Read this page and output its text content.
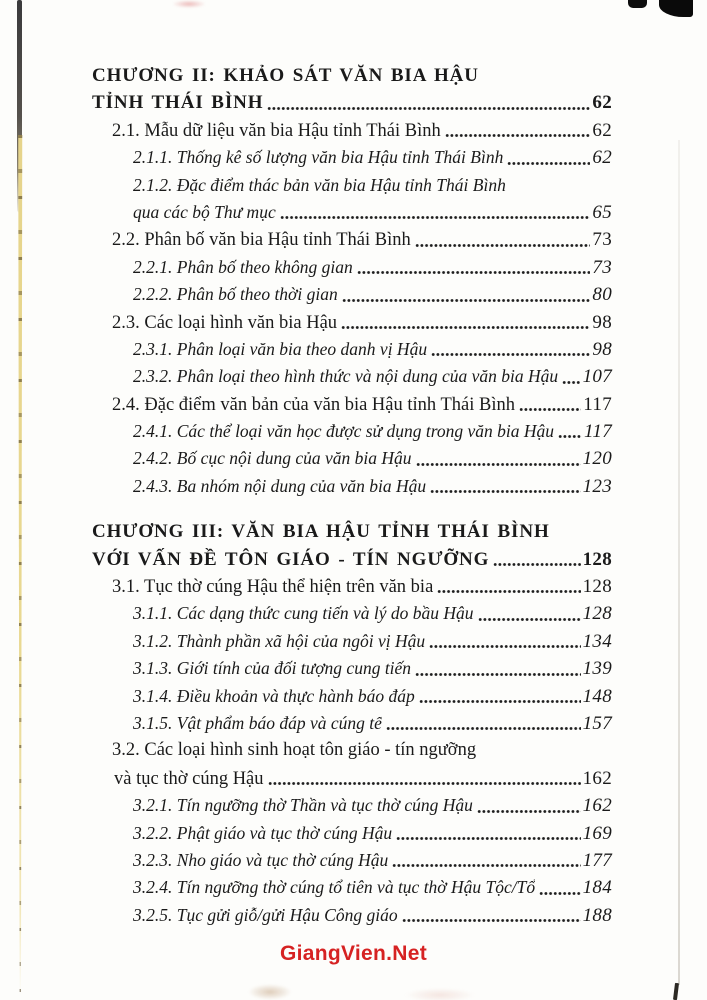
CHƯƠNG II: KHẢO SÁT VĂN BIA HẬU
TỈNH THÁI BÌNH	62
2.1. Mẫu dữ liệu văn bia Hậu tỉnh Thái Bình	62
2.1.1. Thống kê số lượng văn bia Hậu tỉnh Thái Bình	62
2.1.2. Đặc điểm thác bản văn bia Hậu tỉnh Thái Bình
qua các bộ Thư mục	65
2.2. Phân bố văn bia Hậu tỉnh Thái Bình	73
2.2.1. Phân bố theo không gian	73
2.2.2. Phân bố theo thời gian	80
2.3. Các loại hình văn bia Hậu	98
2.3.1. Phân loại văn bia theo danh vị Hậu	98
2.3.2. Phân loại theo hình thức và nội dung của văn bia Hậu 107
2.4. Đặc điểm văn bản của văn bia Hậu tỉnh Thái Bình	117
2.4.1. Các thể loại văn học được sử dụng trong văn bia Hậu 117
2.4.2. Bố cục nội dung của văn bia Hậu	120
2.4.3. Ba nhóm nội dung của văn bia Hậu	123
CHƯƠNG III: VĂN BIA HẬU TỈNH THÁI BÌNH
VỚI VẤN ĐỀ TÔN GIÁO - TÍN NGƯỠNG	128
3.1. Tục thờ cúng Hậu thể hiện trên văn bia	128
3.1.1. Các dạng thức cung tiến và lý do bầu Hậu	128
3.1.2. Thành phần xã hội của ngôi vị Hậu	134
3.1.3. Giới tính của đối tượng cung tiến	139
3.1.4. Điều khoản và thực hành báo đáp	148
3.1.5. Vật phẩm báo đáp và cúng tế	157
3.2. Các loại hình sinh hoạt tôn giáo - tín ngưỡng
và tục thờ cúng Hậu	162
3.2.1. Tín ngưỡng thờ Thần và tục thờ cúng Hậu	162
3.2.2. Phật giáo và tục thờ cúng Hậu	169
3.2.3. Nho giáo và tục thờ cúng Hậu	177
3.2.4. Tín ngưỡng thờ cúng tổ tiên và tục thờ Hậu Tộc/Tổ 184
3.2.5. Tục gửi giỗ/gửi Hậu Công giáo	188
GiangVien.Net
